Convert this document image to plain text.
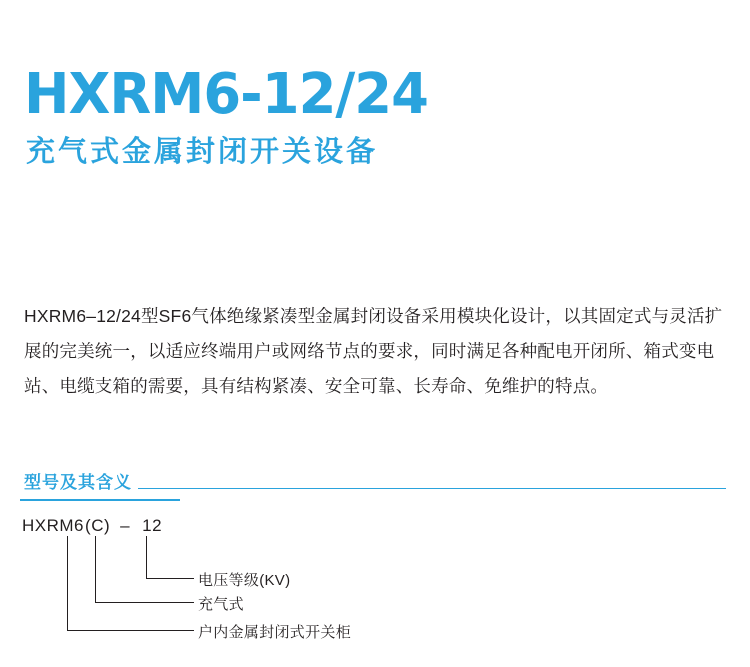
HXRM6-12/24
充气式金属封闭开关设备

HXRM6–12/24型SF6气体绝缘紧凑型金属封闭设备采用模块化设计，以其固定式与灵活扩展的完美统一，以适应终端用户或网络节点的要求，同时满足各种配电开闭所、箱式变电站、电缆支箱的需要，具有结构紧凑、安全可靠、长寿命、免维护的特点。

型号及其含义
HXRM6(C) – 12
电压等级(KV)
充气式
户内金属封闭式开关柜
